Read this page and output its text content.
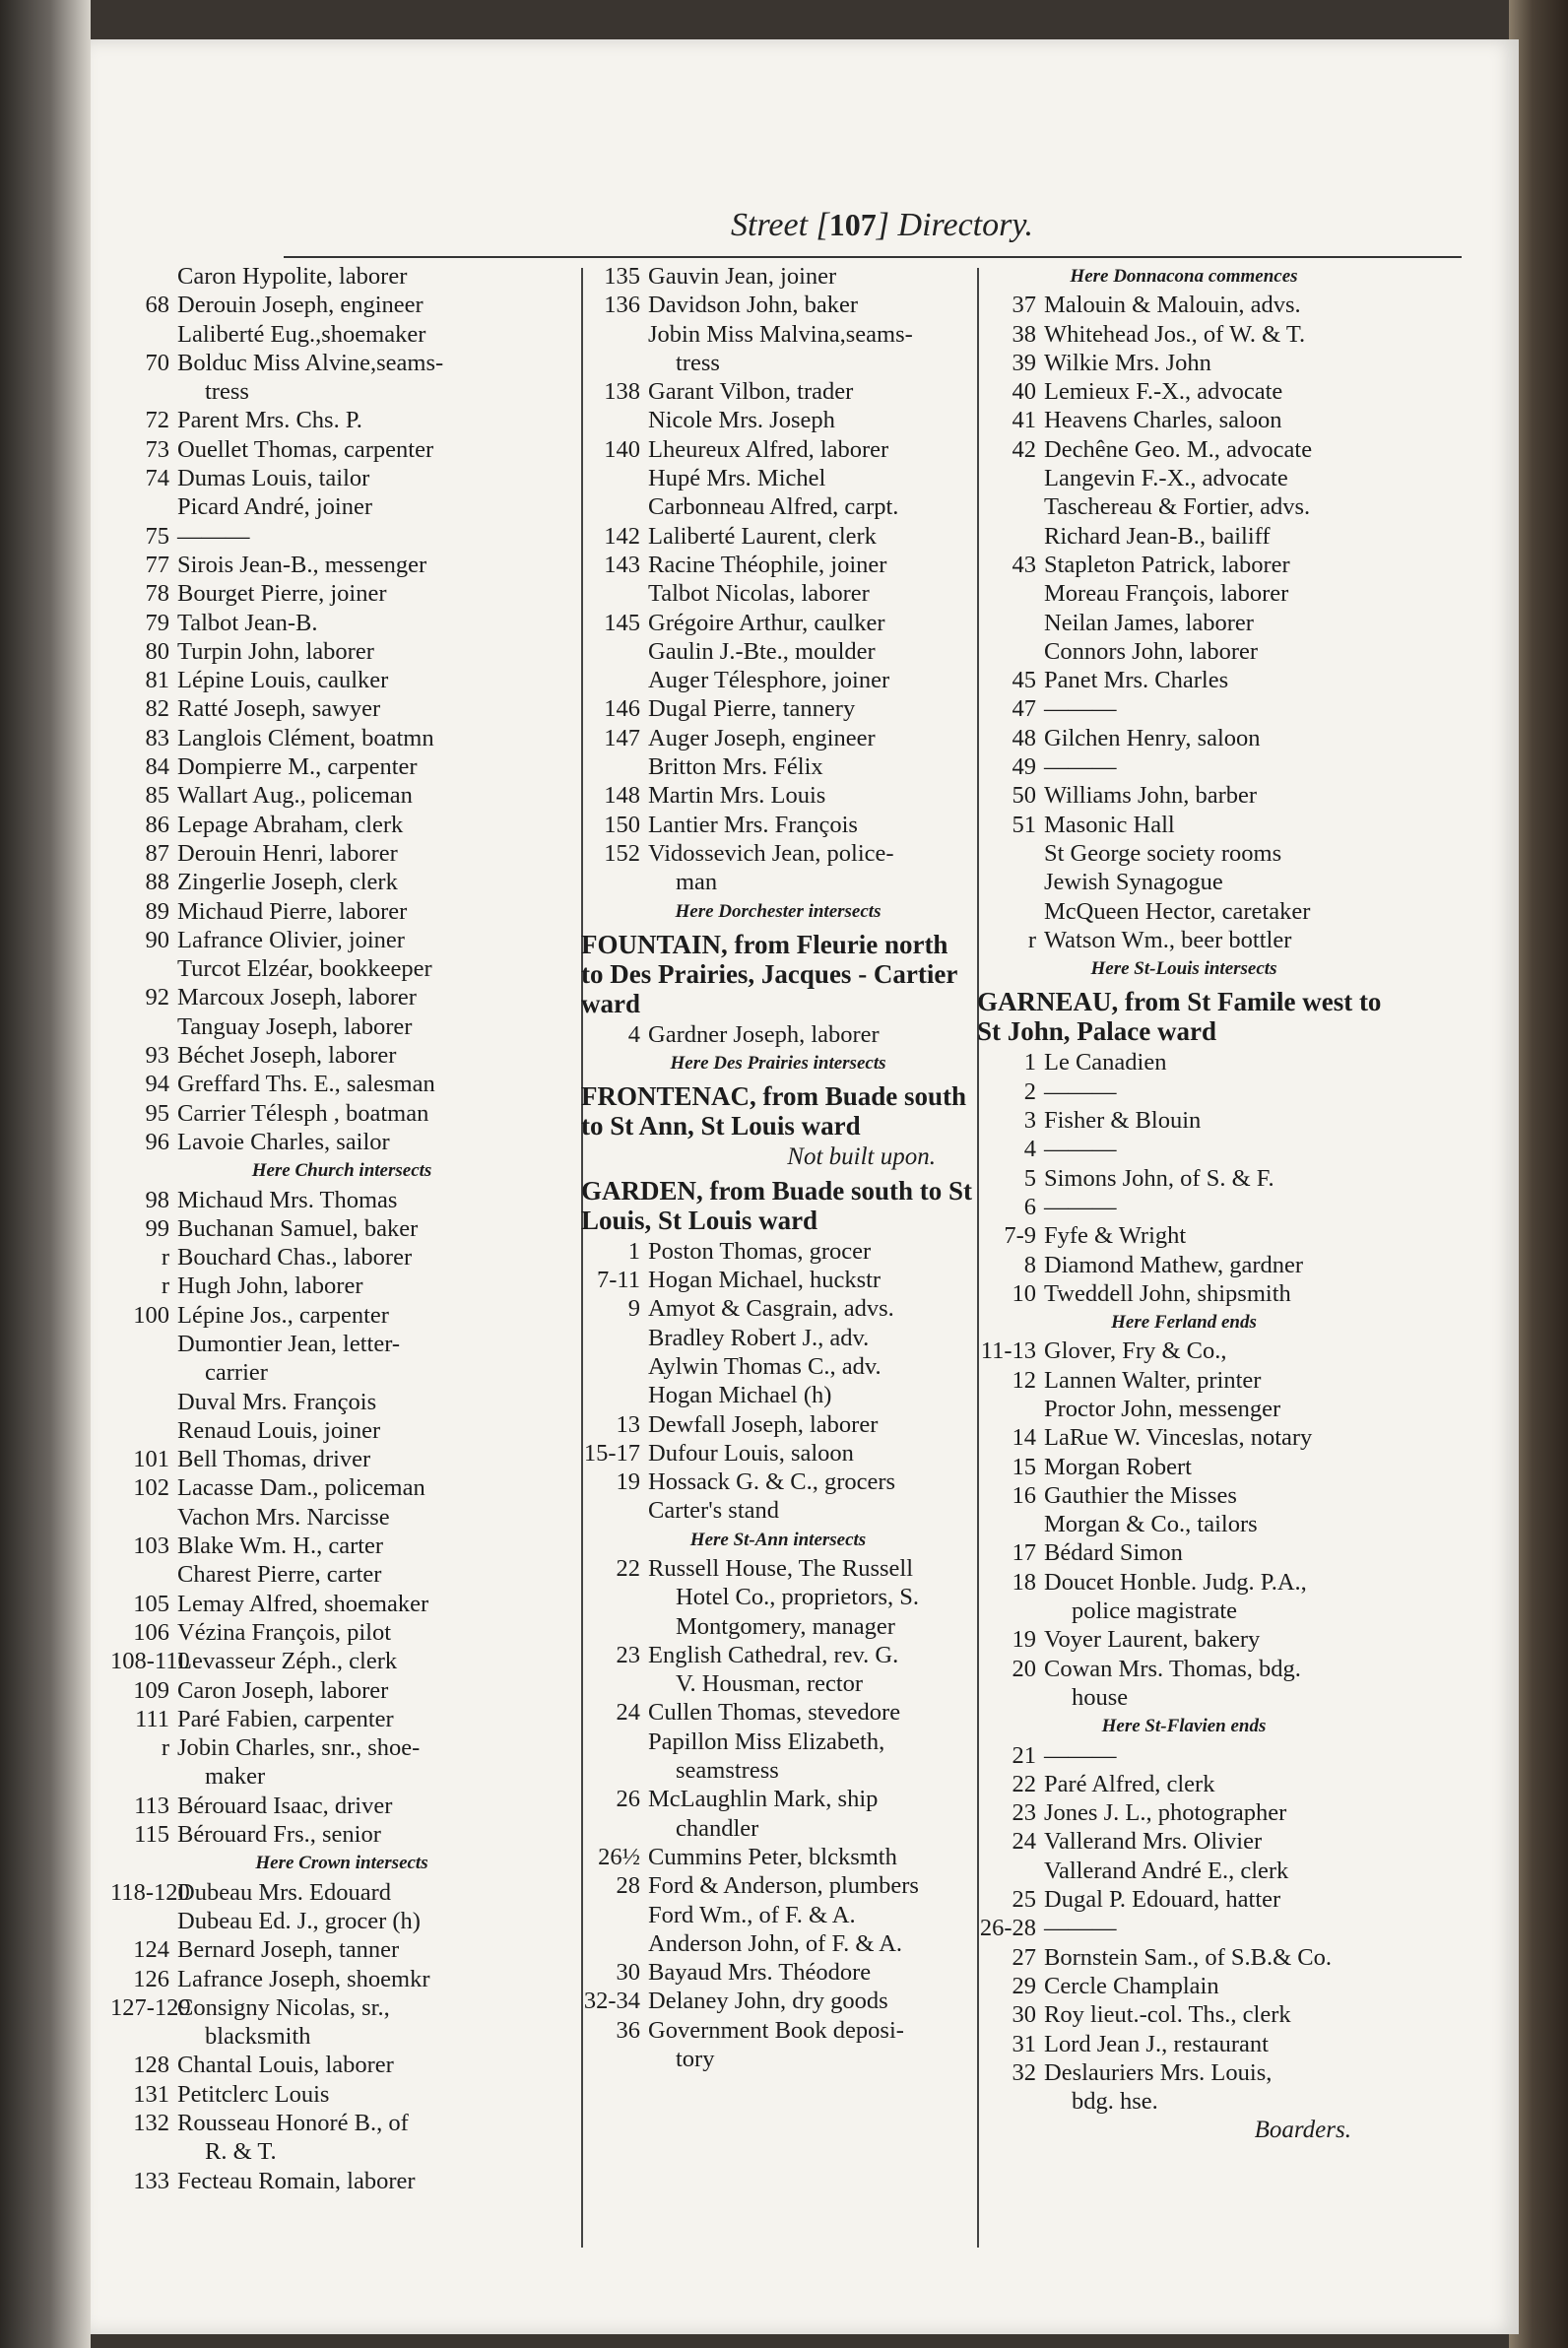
Street [107] Directory.
Caron Hypolite, laborer
68 Derouin Joseph, engineer
Laliberté Eug.,shoemaker
70 Bolduc Miss Alvine,seams-
tress
72 Parent Mrs. Chs. P.
73 Ouellet Thomas, carpenter
74 Dumas Louis, tailor
Picard André, joiner
75 ———
77 Sirois Jean-B., messenger
78 Bourget Pierre, joiner
79 Talbot Jean-B.
80 Turpin John, laborer
81 Lépine Louis, caulker
82 Ratté Joseph, sawyer
83 Langlois Clément, boatmn
84 Dompierre M., carpenter
85 Wallart Aug., policeman
86 Lepage Abraham, clerk
87 Derouin Henri, laborer
88 Zingerlie Joseph, clerk
89 Michaud Pierre, laborer
90 Lafrance Olivier, joiner
Turcot Elzéar, bookkeeper
92 Marcoux Joseph, laborer
Tanguay Joseph, laborer
93 Béchet Joseph, laborer
94 Greffard Ths. E., salesman
95 Carrier Télesph , boatman
96 Lavoie Charles, sailor
Here Church intersects
98 Michaud Mrs. Thomas
99 Buchanan Samuel, baker
r Bouchard Chas., laborer
r Hugh John, laborer
100 Lépine Jos., carpenter
Dumontier Jean, letter-
carrier
Duval Mrs. François
Renaud Louis, joiner
101 Bell Thomas, driver
102 Lacasse Dam., policeman
Vachon Mrs. Narcisse
103 Blake Wm. H., carter
Charest Pierre, carter
105 Lemay Alfred, shoemaker
106 Vézina François, pilot
108-110Levasseur Zéph., clerk
109 Caron Joseph, laborer
111 Paré Fabien, carpenter
r Jobin Charles, snr., shoe-
maker
113 Bérouard Isaac, driver
115 Bérouard Frs., senior
Here Crown intersects
118-120Dubeau Mrs. Edouard
Dubeau Ed. J., grocer (h)
124 Bernard Joseph, tanner
126 Lafrance Joseph, shoemkr
127-129Consigny Nicolas, sr.,
blacksmith
128 Chantal Louis, laborer
131 Petitclerc Louis
132 Rousseau Honoré B., of
R. & T.
133 Fecteau Romain, laborer
135 Gauvin Jean, joiner
136 Davidson John, baker
Jobin Miss Malvina,seams-
tress
138 Garant Vilbon, trader
Nicole Mrs. Joseph
140 Lheureux Alfred, laborer
Hupé Mrs. Michel
Carbonneau Alfred, carpt.
142 Laliberté Laurent, clerk
143 Racine Théophile, joiner
Talbot Nicolas, laborer
145 Grégoire Arthur, caulker
Gaulin J.-Bte., moulder
Auger Télesphore, joiner
146 Dugal Pierre, tannery
147 Auger Joseph, engineer
Britton Mrs. Félix
148 Martin Mrs. Louis
150 Lantier Mrs. François
152 Vidossevich Jean, police-
man
Here Dorchester intersects
FOUNTAIN, from Fleurie north to Des Prairies, Jacques - Cartier ward
4 Gardner Joseph, laborer
Here Des Prairies intersects
FRONTENAC, from Buade south to St Ann, St Louis ward
Not built upon.
GARDEN, from Buade south to St Louis, St Louis ward
1 Poston Thomas, grocer
7-11 Hogan Michael, huckstr
9 Amyot & Casgrain, advs.
Bradley Robert J., adv.
Aylwin Thomas C., adv.
Hogan Michael (h)
13 Dewfall Joseph, laborer
15-17 Dufour Louis, saloon
19 Hossack G. & C., grocers
Carter's stand
Here St-Ann intersects
22 Russell House, The Russell
Hotel Co., proprietors, S.
Montgomery, manager
23 English Cathedral, rev. G.
V. Housman, rector
24 Cullen Thomas, stevedore
Papillon Miss Elizabeth,
seamstress
26 McLaughlin Mark, ship
chandler
26½ Cummins Peter, blcksmth
28 Ford & Anderson, plumbers
Ford Wm., of F. & A.
Anderson John, of F. & A.
30 Bayaud Mrs. Théodore
32-34 Delaney John, dry goods
36 Government Book deposi-
tory
Here Donnacona commences
37 Malouin & Malouin, advs.
38 Whitehead Jos., of W. & T.
39 Wilkie Mrs. John
40 Lemieux F.-X., advocate
41 Heavens Charles, saloon
42 Dechêne Geo. M., advocate
Langevin F.-X., advocate
Taschereau & Fortier, advs.
Richard Jean-B., bailiff
43 Stapleton Patrick, laborer
Moreau François, laborer
Neilan James, laborer
Connors John, laborer
45 Panet Mrs. Charles
47 ———
48 Gilchen Henry, saloon
49 ———
50 Williams John, barber
51 Masonic Hall
St George society rooms
Jewish Synagogue
McQueen Hector, caretaker
r Watson Wm., beer bottler
Here St-Louis intersects
GARNEAU, from St Famile west to St John, Palace ward
1 Le Canadien
2 ———
3 Fisher & Blouin
4 ———
5 Simons John, of S. & F.
6 ———
7-9 Fyfe & Wright
8 Diamond Mathew, gardner
10 Tweddell John, shipsmith
Here Ferland ends
11-13 Glover, Fry & Co.,
12 Lannen Walter, printer
Proctor John, messenger
14 LaRue W. Vinceslas, notary
15 Morgan Robert
16 Gauthier the Misses
Morgan & Co., tailors
17 Bédard Simon
18 Doucet Honble. Judg. P.A.,
police magistrate
19 Voyer Laurent, bakery
20 Cowan Mrs. Thomas, bdg.
house
Here St-Flavien ends
21 ———
22 Paré Alfred, clerk
23 Jones J. L., photographer
24 Vallerand Mrs. Olivier
Vallerand André E., clerk
25 Dugal P. Edouard, hatter
26-28 ———
27 Bornstein Sam., of S.B.& Co.
29 Cercle Champlain
30 Roy lieut.-col. Ths., clerk
31 Lord Jean J., restaurant
32 Deslauriers Mrs. Louis,
bdg. hse.
Boarders.
